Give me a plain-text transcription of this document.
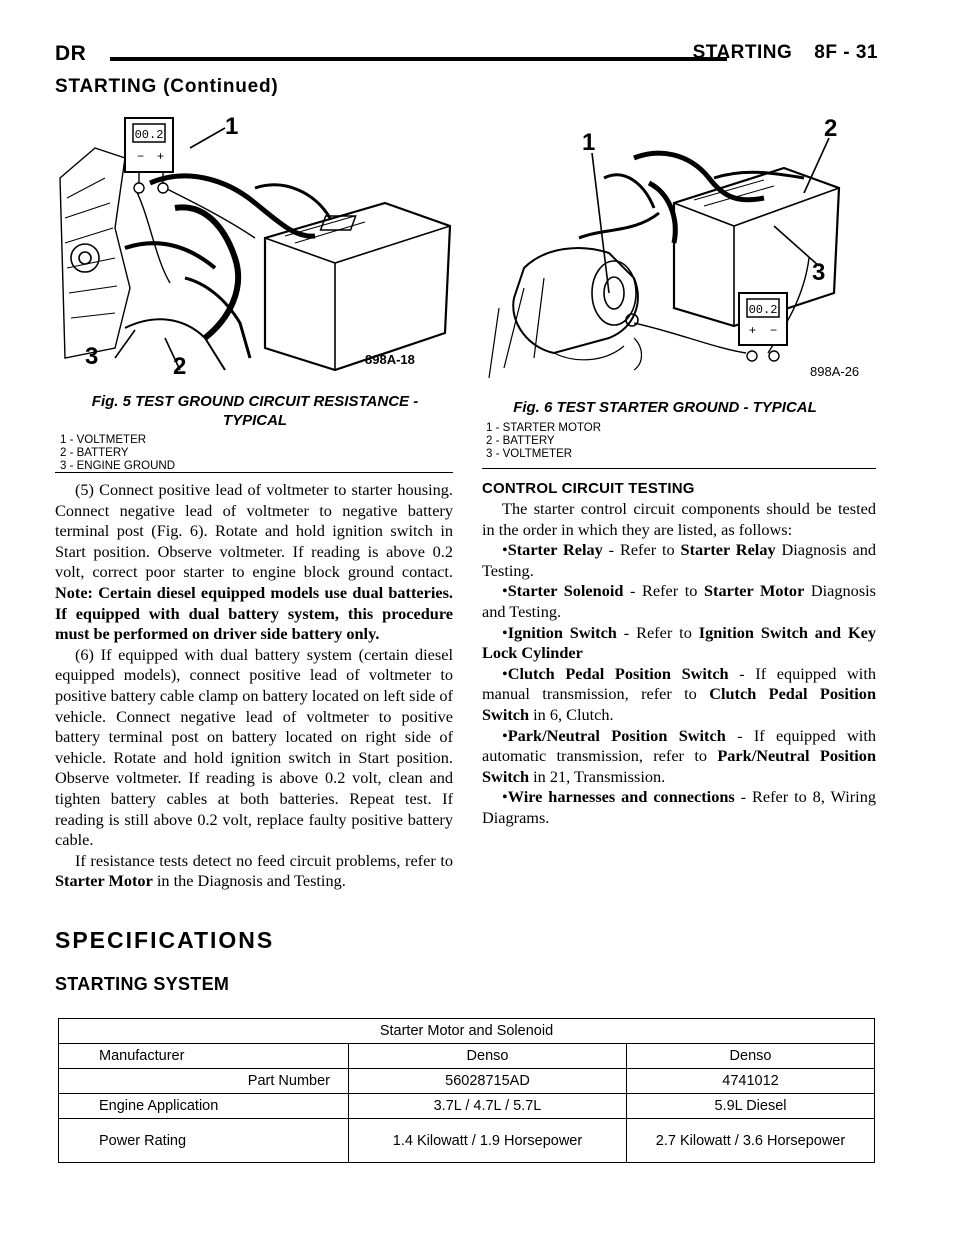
DR	STARTING 8F - 31
STARTING (Continued)
00.2
− +
1
2
3	898A-18
Fig. 5 TEST GROUND CIRCUIT RESISTANCE -
TYPICAL
1 - VOLTMETER
2 - BATTERY
3 - ENGINE GROUND
00.2
+ −
1
2
3
898A-26
Fig. 6 TEST STARTER GROUND - TYPICAL
1 - STARTER MOTOR
2 - BATTERY
3 - VOLTMETER

(5) Connect positive lead of voltmeter to starter housing. Connect negative lead of voltmeter to negative battery terminal post (Fig. 6). Rotate and hold ignition switch in Start position. Observe voltmeter. If reading is above 0.2 volt, correct poor starter to engine block ground contact. Note: Certain diesel equipped models use dual batteries. If equipped with dual battery system, this procedure must be performed on driver side battery only.

(6) If equipped with dual battery system (certain diesel equipped models), connect positive lead of voltmeter to positive battery cable clamp on battery located on left side of vehicle. Connect negative lead of voltmeter to positive battery terminal post on battery located on right side of vehicle. Rotate and hold ignition switch in Start position. Observe voltmeter. If reading is above 0.2 volt, clean and tighten battery cables at both batteries. Repeat test. If reading is still above 0.2 volt, replace faulty positive battery cable.

If resistance tests detect no feed circuit problems, refer to Starter Motor in the Diagnosis and Testing.

CONTROL CIRCUIT TESTING

The starter control circuit components should be tested in the order in which they are listed, as follows:

•Starter Relay - Refer to Starter Relay Diagnosis and Testing.

•Starter Solenoid - Refer to Starter Motor Diagnosis and Testing.

•Ignition Switch - Refer to Ignition Switch and Key Lock Cylinder

•Clutch Pedal Position Switch - If equipped with manual transmission, refer to Clutch Pedal Position Switch in 6, Clutch.

•Park/Neutral Position Switch - If equipped with automatic transmission, refer to Park/Neutral Position Switch in 21, Transmission.

•Wire harnesses and connections - Refer to 8, Wiring Diagrams.

SPECIFICATIONS
STARTING SYSTEM
Starter Motor and Solenoid		
Manufacturer	Denso	Denso
Part Number	56028715AD	4741012
Engine Application	3.7L / 4.7L / 5.7L	5.9L Diesel
Power Rating	1.4 Kilowatt / 1.9 Horsepower	2.7 Kilowatt / 3.6 Horsepower
